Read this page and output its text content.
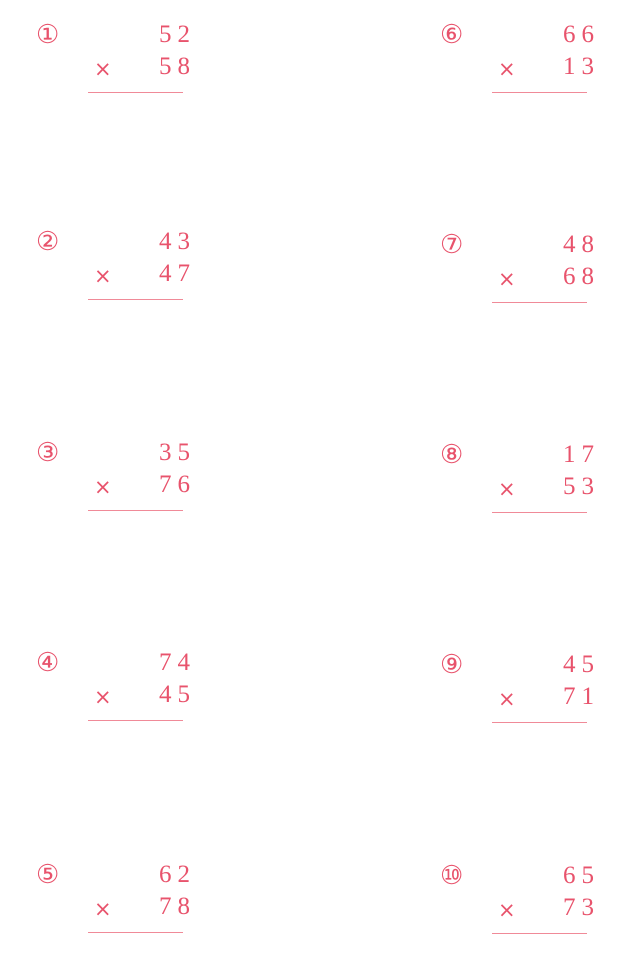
①	52
× 58
②	43
× 47
③	35
× 76
④	74
× 45
⑤	62
× 78
⑥	66
× 13
⑦	48
× 68
⑧	17
× 53
⑨	45
× 71
⑩	65
× 73
